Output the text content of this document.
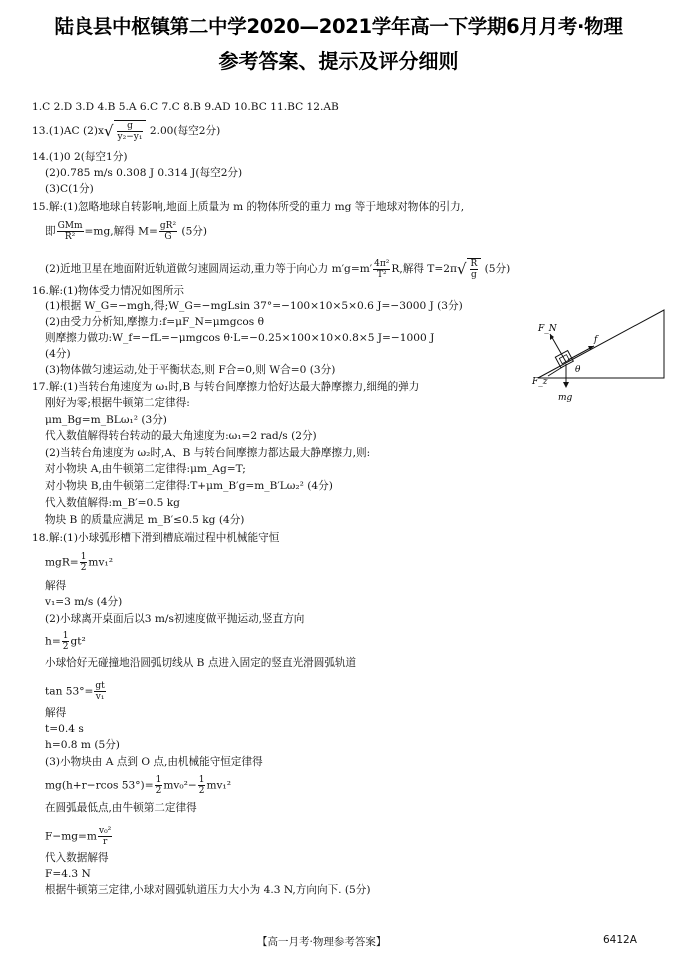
陆良县中枢镇第二中学2020—2021学年高一下学期6月月考·物理
参考答案、提示及评分细则
1.C 2.D 3.D 4.B 5.A 6.C 7.C 8.B 9.AD 10.BC 11.BC 12.AB
13.(1)AC $(2)x√ \frac{g}{\text{y₂−y₁}} 2.00$(每空2分)
14.(1)0 2(每空1分)
(2)0.785 m/s 0.308 J 0.314 J(每空2分)
(3)C(1分)
15.解:(1)忽略地球自转影响,地面上质量为 m 的物体所受的重力 mg 等于地球对物体的引力,
即 $\frac{\text{GMm}}{\text{R²}} =mg$,解得 $M= \frac{\text{gR²}}{G} (5$分)
(2)近地卫星在地面附近轨道做匀速圆周运动,重力等于向心力 $m'g=m' \frac{\text{4π²}}{\text{T²}} R$,解得 $T=2\pi√ \frac{R}{g} (5$分)
16.解:(1)物体受力情况如图所示
(1)根据 W_G=−mgh,得;W_G=−mgLsin 37°=−100×10×5×0.6 J=−3000 J (3分)
(2)由受力分析知,摩擦力:f=μF_N=μmgcos θ
则摩擦力做功:W_f=−fL=−μmgcos θ·L=−0.25×100×10×0.8×5 J=−1000 J
(4分)
(3)物体做匀速运动,处于平衡状态,则 F合=0,则 W合=0 (3分)
F_N
f
θ
mg
F_z
17.解:(1)当转台角速度为 ω₁时,B 与转台间摩擦力恰好达最大静摩擦力,细绳的弹力
刚好为零;根据牛顿第二定律得:
μm_Bg=m_BLω₁² (3分)
代入数值解得转台转动的最大角速度为:ω₁=2 rad/s (2分)
(2)当转台角速度为 ω₂时,A、B 与转台间摩擦力都达最大静摩擦力,则:
对小物块 A,由牛顿第二定律得:μm_Ag=T;
对小物块 B,由牛顿第二定律得:T+μm_B′g=m_B′Lω₂² (4分)
代入数值解得:m_B′=0.5 kg
物块 B 的质量应满足 m_B′≤0.5 kg (4分)
18.解:(1)小球弧形槽下滑到槽底端过程中机械能守恒
$mgR= \frac{1}{2} mv_1^2$
解得
v₁=3 m/s (4分)
(2)小球离开桌面后以3 m/s初速度做平抛运动,竖直方向
$h= \frac{1}{2} gt^2$
小球恰好无碰撞地沿圆弧切线从 B 点进入固定的竖直光滑圆弧轨道
$\tan 53^\circ= \frac{gt}{\text{v₁}}$
解得
t=0.4 s
h=0.8 m (5分)
(3)小物块由 A 点到 O 点,由机械能守恒定律得
mg(h+r−rcos $53^\circ)= \frac{1}{2} mv_0^2- \frac{1}{2} mv_1^2$
在圆弧最低点,由牛顿第二定律得
$F-mg=m \frac{\text{v₀²}}{r}$
代入数据解得
F=4.3 N
根据牛顿第三定律,小球对圆弧轨道压力大小为 4.3 N,方向向下. (5分)
【高一月考·物理参考答案】	6412A
